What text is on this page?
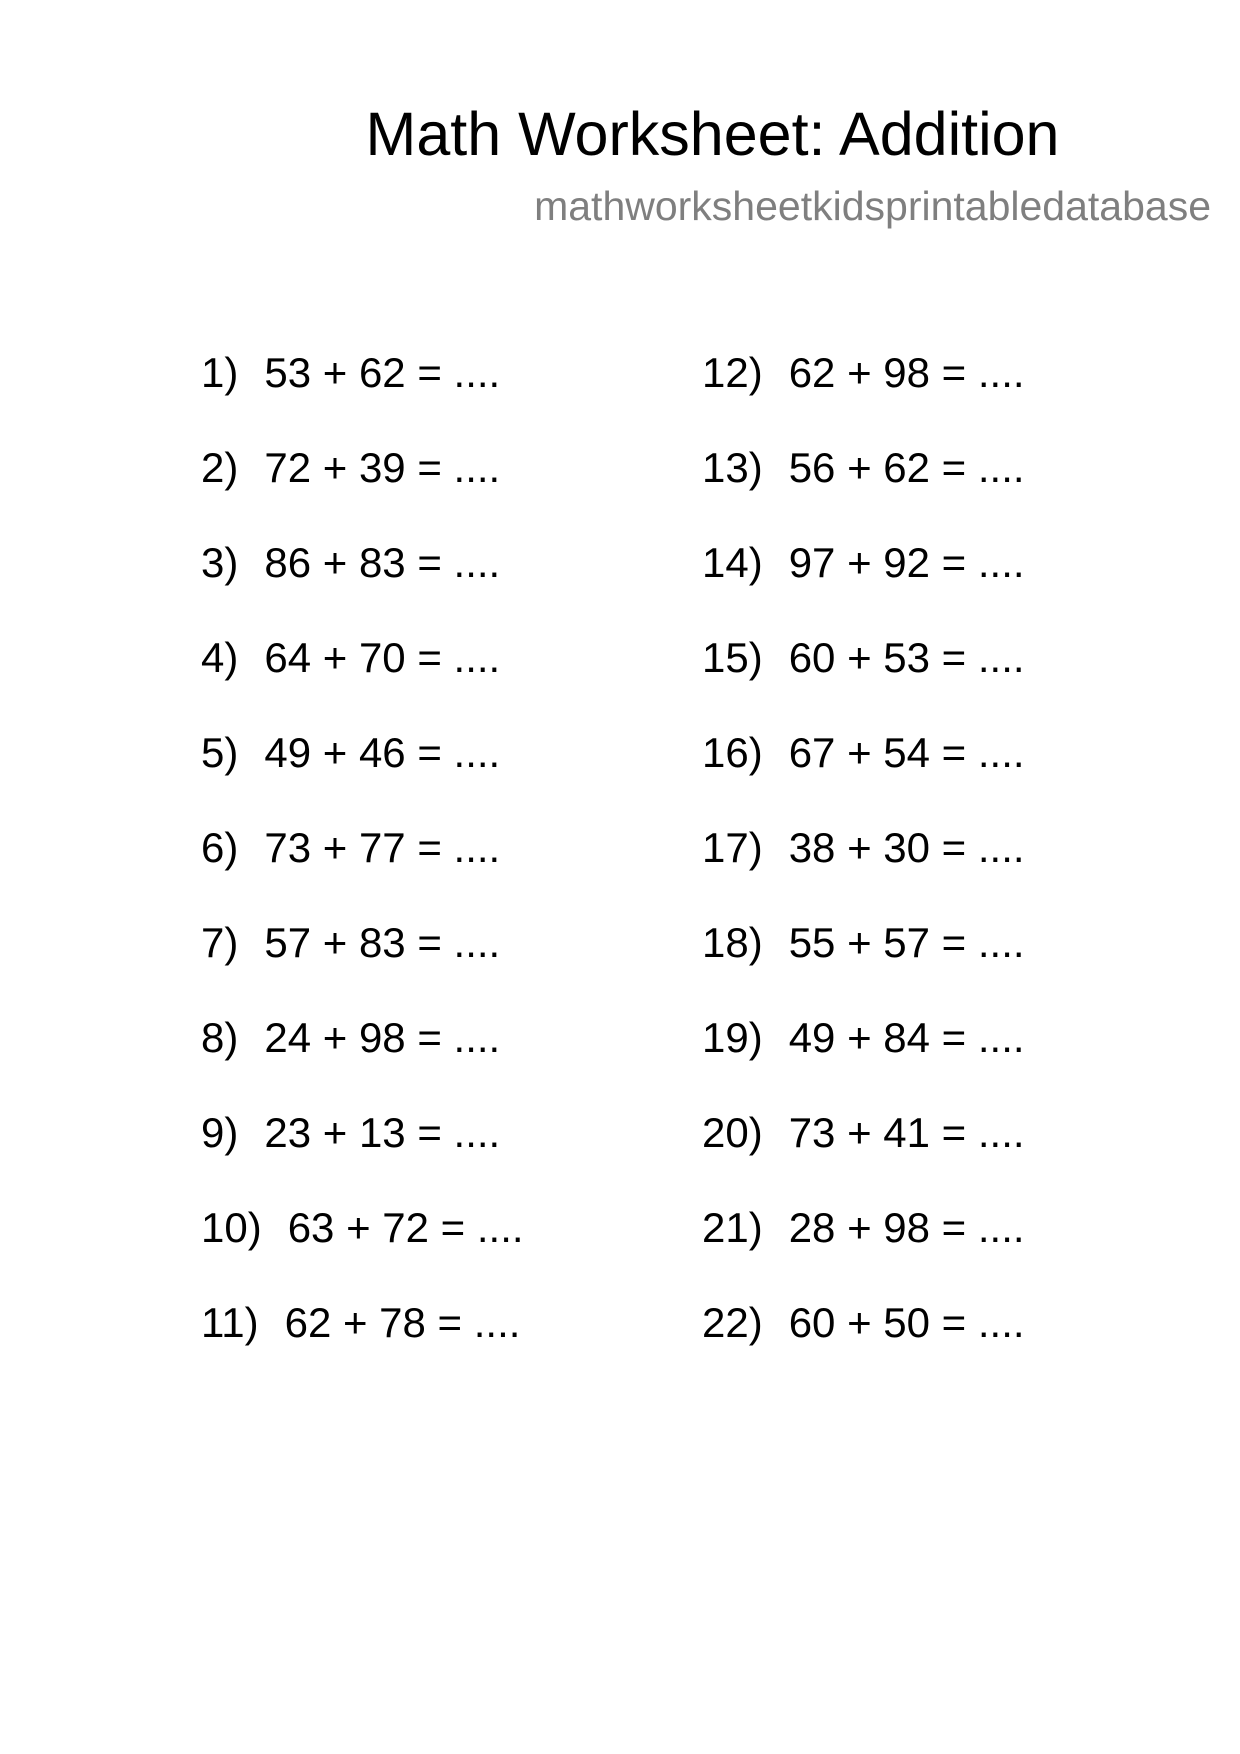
Math Worksheet: Addition
mathworksheetkidsprintabledatabase
1) 53 + 62 = ....
2) 72 + 39 = ....
3) 86 + 83 = ....
4) 64 + 70 = ....
5) 49 + 46 = ....
6) 73 + 77 = ....
7) 57 + 83 = ....
8) 24 + 98 = ....
9) 23 + 13 = ....
10) 63 + 72 = ....
11) 62 + 78 = ....
12) 62 + 98 = ....
13) 56 + 62 = ....
14) 97 + 92 = ....
15) 60 + 53 = ....
16) 67 + 54 = ....
17) 38 + 30 = ....
18) 55 + 57 = ....
19) 49 + 84 = ....
20) 73 + 41 = ....
21) 28 + 98 = ....
22) 60 + 50 = ....
